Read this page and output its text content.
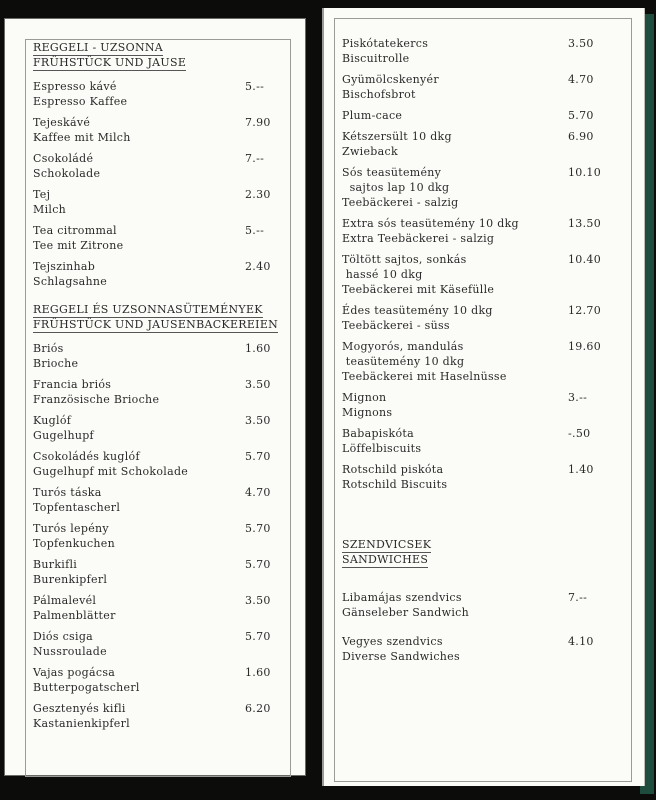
REGGELI - UZSONNA
FRÜHSTÜCK UND JAUSE
Espresso kávé
Espresso Kaffee
5.--
Tejeskávé
Kaffee mit Milch
7.90
Csokoládé
Schokolade
7.--
Tej
Milch
2.30
Tea citrommal
Tee mit Zitrone
5.--
Tejszinhab
Schlagsahne
2.40
REGGELI ÉS UZSONNASÜTEMÉNYEK
FRÜHSTÜCK UND JAUSENBACKEREIEN
Briós
Brioche
1.60
Francia briós
Französische Brioche
3.50
Kuglóf
Gugelhupf
3.50
Csokoládés kuglóf
Gugelhupf mit Schokolade
5.70
Turós táska
Topfentascherl
4.70
Turós lepény
Topfenkuchen
5.70
Burkifli
Burenkipferl
5.70
Pálmalevél
Palmenblätter
3.50
Diós csiga
Nussroulade
5.70
Vajas pogácsa
Butterpogatscherl
1.60
Gesztenyés kifli
Kastanienkipferl
6.20
Piskótatekercs
Biscuitrolle
3.50
Gyümölcskenyér
Bischofsbrot
4.70
Plum-cace	5.70
Kétszersült 10 dkg
Zwieback
6.90
Sós teasütemény
sajtos lap 10 dkg
Teebäckerei - salzig
10.10
Extra sós teasütemény 10 dkg
Extra Teebäckerei - salzig
13.50
Töltött sajtos, sonkás
hassé 10 dkg
Teebäckerei mit Käsefülle
10.40
Édes teasütemény 10 dkg
Teebäckerei - süss
12.70
Mogyorós, mandulás
teasütemény 10 dkg
Teebäckerei mit Haselnüsse
19.60
Mignon
Mignons
3.--
Babapiskóta
Löffelbiscuits
-.50
Rotschild piskóta
Rotschild Biscuits
1.40
SZENDVICSEK
SANDWICHES
Libamájas szendvics
Gänseleber Sandwich
7.--
Vegyes szendvics
Diverse Sandwiches
4.10
